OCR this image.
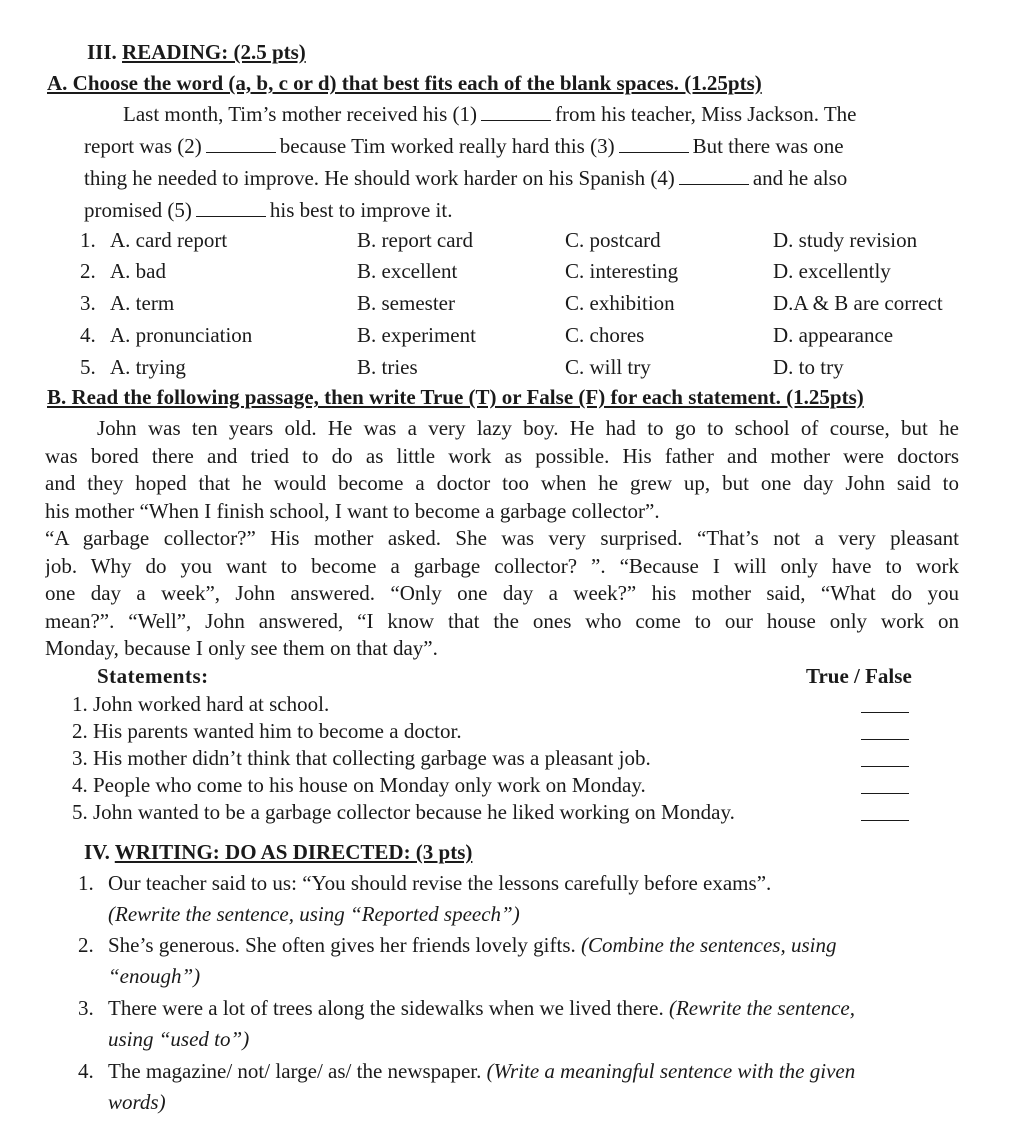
III. READING: (2.5 pts)
A. Choose the word (a, b, c or d) that best fits each of the blank spaces. (1.25pts)
Last month, Tim’s mother received his (1)	from his teacher, Miss Jackson. The
report was (2)	because Tim worked really hard this (3)	But there was one
thing he needed to improve. He should work harder on his Spanish (4)	and he also
promised (5)	his best to improve it.
1. A. card report	B. report card	C. postcard	D. study revision
2. A. bad	B. excellent	C. interesting	D. excellently
3. A. term	B. semester	C. exhibition	D.A & B are correct
4. A. pronunciation	B. experiment	C. chores	D. appearance
5. A. trying	B. tries	C. will try	D. to try
B. Read the following passage, then write True (T) or False (F) for each statement. (1.25pts)
John was ten years old. He was a very lazy boy. He had to go to school of course, but he
was bored there and tried to do as little work as possible. His father and mother were doctors
and they hoped that he would become a doctor too when he grew up, but one day John said to
his mother “When I finish school, I want to become a garbage collector”.
“A garbage collector?” His mother asked. She was very surprised. “That’s not a very pleasant
job. Why do you want to become a garbage collector? ”. “Because I will only have to work
one day a week”, John answered. “Only one day a week?” his mother said, “What do you
mean?”. “Well”, John answered, “I know that the ones who come to our house only work on
Monday, because I only see them on that day”.
Statements:	True / False
1. John worked hard at school.
2. His parents wanted him to become a doctor.
3. His mother didn’t think that collecting garbage was a pleasant job.
4. People who come to his house on Monday only work on Monday.
5. John wanted to be a garbage collector because he liked working on Monday.
IV. WRITING: DO AS DIRECTED: (3 pts)
1. Our teacher said to us: “You should revise the lessons carefully before exams”.
(Rewrite the sentence, using “Reported speech”)
2. She’s generous. She often gives her friends lovely gifts. (Combine the sentences, using
“enough”)
3. There were a lot of trees along the sidewalks when we lived there. (Rewrite the sentence,
using “used to”)
4. The magazine/ not/ large/ as/ the newspaper. (Write a meaningful sentence with the given
words)
